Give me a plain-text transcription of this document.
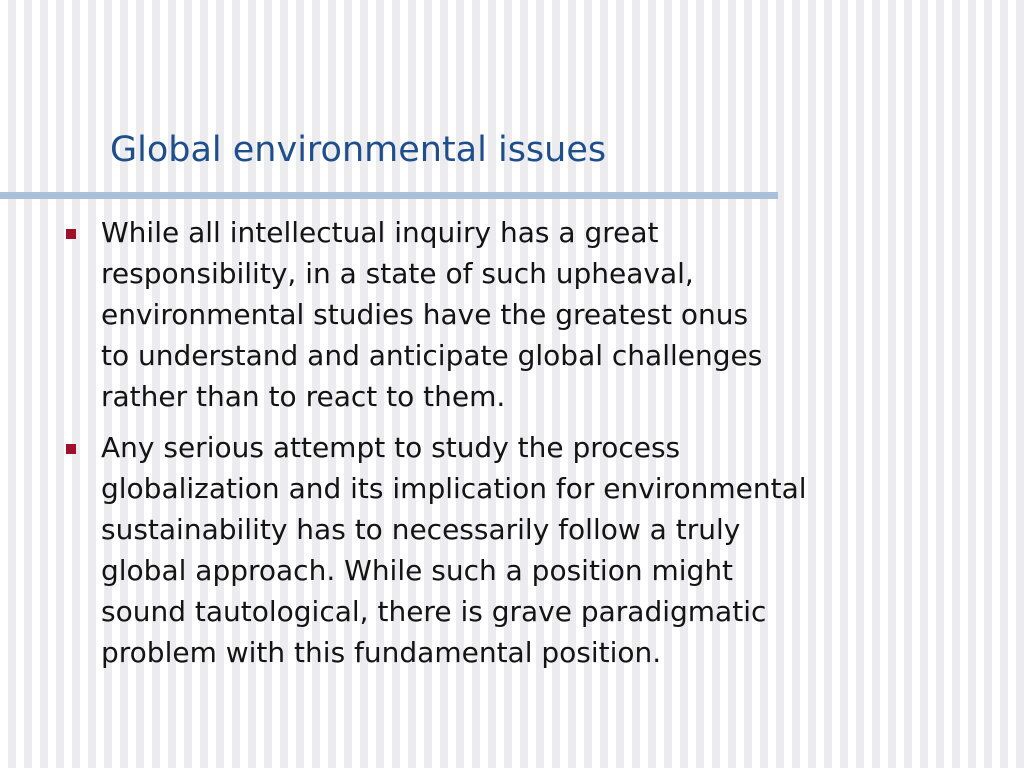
Global environmental issues
While all intellectual inquiry has a great
responsibility, in a state of such upheaval,
environmental studies have the greatest onus
to understand and anticipate global challenges
rather than to react to them.
Any serious attempt to study the process
globalization and its implication for environmental
sustainability has to necessarily follow a truly
global approach. While such a position might
sound tautological, there is grave paradigmatic
problem with this fundamental position.
